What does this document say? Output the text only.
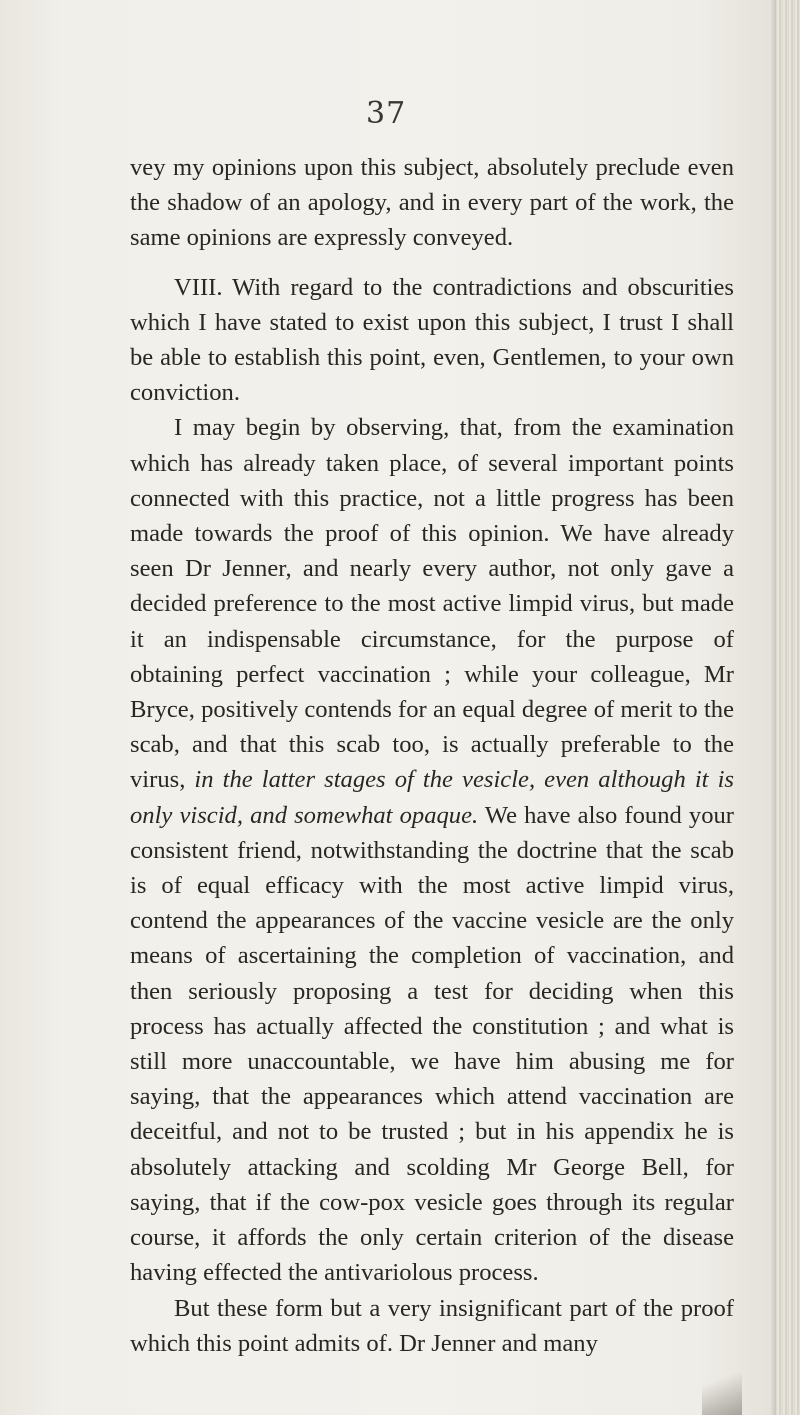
37

vey my opinions upon this subject, absolutely preclude even the shadow of an apology, and in every part of the work, the same opinions are expressly conveyed.

VIII. With regard to the contradictions and obscurities which I have stated to exist upon this subject, I trust I shall be able to establish this point, even, Gentlemen, to your own conviction.

I may begin by observing, that, from the examination which has already taken place, of several important points connected with this practice, not a little progress has been made towards the proof of this opinion. We have already seen Dr Jenner, and nearly every author, not only gave a decided preference to the most active limpid virus, but made it an indispensable circumstance, for the purpose of obtaining perfect vaccination ; while your colleague, Mr Bryce, positively contends for an equal degree of merit to the scab, and that this scab too, is actually preferable to the virus, in the latter stages of the vesicle, even although it is only viscid, and somewhat opaque. We have also found your consistent friend, notwithstanding the doctrine that the scab is of equal efficacy with the most active limpid virus, contend the appearances of the vaccine vesicle are the only means of ascertaining the completion of vaccination, and then seriously proposing a test for deciding when this process has actually affected the constitution ; and what is still more unaccountable, we have him abusing me for saying, that the appearances which attend vaccination are deceitful, and not to be trusted ; but in his appendix he is absolutely attacking and scolding Mr George Bell, for saying, that if the cow-pox vesicle goes through its regular course, it affords the only certain criterion of the disease having effected the antivariolous process.

But these form but a very insignificant part of the proof which this point admits of. Dr Jenner and many
